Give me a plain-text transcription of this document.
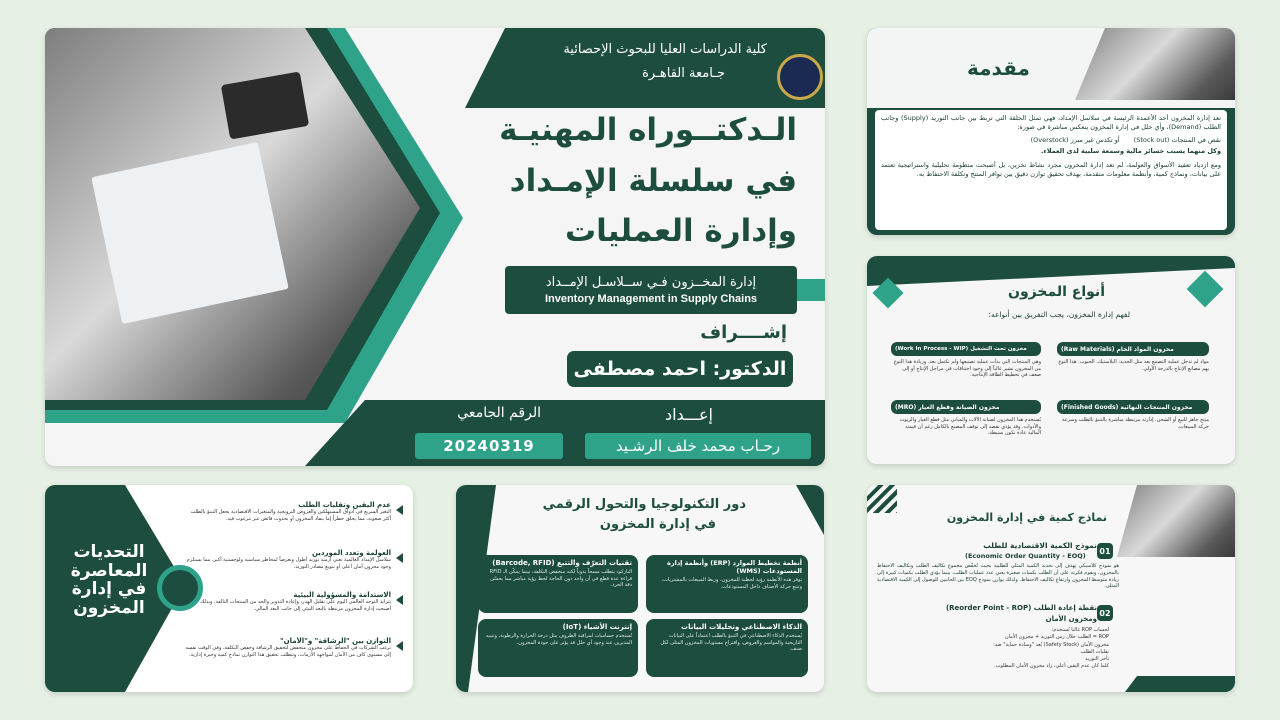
كلية الدراسات العليا للبحوث الإحصائية
جـامعة القاهـرة
الـدكتــوراه المهنيـة
في سلسلة الإمـداد
وإدارة العمليات
إدارة المخــزون فـي ســلاسـل الإمــداد
Inventory Management in Supply Chains
إشــــراف
الدكتور: احمد مصطفى
إعـــداد
الرقم الجامعي
رحـاب محمد خلف الرشـيد
20240319
مقدمة
تعد إدارة المخزون أحد الأعمدة الرئيسة في سلاسل الإمداد، فهي تمثل الحلقة التي تربط بين جانب التوريد (Supply) وجانب الطلب (Demand)، وأي خلل في إدارة المخزون ينعكس مباشرة في صورة:
نقص في المنتجات (Stock out)
أو تكدس غير مبرر (Overstock)
وكل منهما يسبب خسائر مالية وسمعة سلبية لدى العملاء.
ومع ازدياد تعقيد الأسواق والعولمة، لم تعد إدارة المخزون مجرد نشاط تخزين، بل أصبحت منظومة تحليلية واستراتيجية تعتمد على بيانات، ونماذج كمية، وأنظمة معلومات متقدمة، بهدف تحقيق توازن دقيق بين توافر المنتج وتكلفة الاحتفاظ به.
أنواع المخزون
لفهم إدارة المخزون، يجب التفريق بين أنواعه:
مخزون المواد الخام (Raw Materials)
مواد لم تدخل عملية التصنيع بعد مثل الحديد، البلاستيك، الحبوب. هذا النوع يهم مصانع الإنتاج بالدرجة الأولى.
مخزون تحت التشغيل (Work In Process - WIP)
وهي المنتجات التي بدأت عملية تصنيعها ولم تكتمل بعد. وزيادة هذا النوع من المخزون تشير غالباً إلى وجود اختناقات في مراحل الإنتاج أو إلى ضعف في تخطيط الطاقة الإنتاجية.
مخزون المنتجات النهائية (Finished Goods)
منتج جاهز للبيع أو الشحن. إدارته مرتبطة مباشرة بالتنبؤ بالطلب وسرعة حركة المبيعات.
مخزون الصيانة وقطع الغيار (MRO)
يُستخدم هذا المخزون لصيانة الآلات والمباني مثل قطع الغيار والزيوت والأدوات، وقد يؤدي نقصه إلى توقف المصنع بالكامل رغم أن قيمته المالية عادة تكون بسيطة.
نماذج كمية في إدارة المخزون
01
نموذج الكمية الاقتصادية للطلب
(Economic Order Quantity - EOQ)
هو نموذج كلاسيكي يهدف إلى تحديد الكمية المثلى للطلبية بحيث تُخفّض مجموع تكاليف الطلب وتكاليف الاحتفاظ بالمخزون، ويقوم فكرته على أن الطلب بكميات صغيرة يعني عدد عمليات الطلب، بينما يؤدي الطلب بكميات كبيرة إلى زيادة متوسط المخزون وارتفاع تكاليف الاحتفاظ. ولذلك يوازن نموذج EOQ بين الجانبين للوصول إلى الكمية الاقتصادية المثلى.
02
نقطة إعادة الطلب (Reorder Point - ROP)
ومخزون الأمان
لحساب ROP غالباً يُستخدم:
ROP = الطلب خلال زمن التوريد + مخزون الأمان
مخزون الأمان (Safety Stock) يُعد "وسادة حماية" ضد:
تقلبات الطلب
تأخر التوريد
كلما كان عدم اليقين أعلى، زاد مخزون الأمان المطلوب.
دور التكنولوجيا والتحول الرقمي
في إدارة المخزون
أنظمة تخطيط الموارد (ERP) وأنظمة إدارة المستودعات (WMS)
توفر هذه الأنظمة رؤية لحظية للمخزون، وربط المبيعات بالمشتريات، وتتبع حركة الأصناف داخل المستودعات.
تقنيات التعرّف والتتبع (Barcode, RFID)
الباركود يتطلب مسحاً يدوياً لكنه منخفض التكلفة، بينما يمكّن الـ RFID قراءة عدة قطع في آن واحد دون الحاجة لخط رؤية مباشر مما يحسّن دقة الجرد.
الذكاء الاصطناعي وتحليلات البيانات
يُستخدم الذكاء الاصطناعي في التنبؤ بالطلب اعتماداً على البيانات التاريخية والمواسم والعروض، واقتراح مستويات المخزون المثلى لكل صنف.
إنترنت الأشياء (IoT)
تُستخدم حساسات لمراقبة الظروف مثل درجة الحرارة والرطوبة، وتنبيه المديرين عند وجود أي خلل قد يؤثر على جودة المخزون.
التحديات
المعاصرة
في إدارة
المخزون
عدم اليقين وتقلبات الطلب
التغير السريع في أذواق المستهلكين والعروض الترويجية والمتغيرات الاقتصادية يجعل التنبؤ بالطلب أكثر صعوبة، مما يخلق خطراً إما بنفاد المخزون أو بحدوث فائض غير مرغوب فيه.
العولمة وتعدد الموردين
سلاسل الإمداد العالمية تعني أزمنة توريد أطول وتعرضاً لمخاطر سياسية ولوجستية أكبر، مما يستلزم وجود مخزون أمان أعلى أو تنويع مصادر التوريد.
الاستدامة والمسؤولية البيئية
يتزايد التوجه العالمي اليوم على تقليل الهدر، وإعادة التدوير والحد من المنتجات التالفة، وبذلك أصبحت إدارة المخزون مرتبطة بالبعد البيئي إلى جانب البعد المالي.
التوازن بين "الرشاقة" و"الأمان"
ترغب الشركات في الحفاظ على مخزون منخفض لتحقيق الرشاقة وخفض التكلفة، وفي الوقت نفسه إلى مستوى كاف من الأمان لمواجهة الأزمات، وتتطلب تحقيق هذا التوازن نماذج كمية وخبرة إدارية.
